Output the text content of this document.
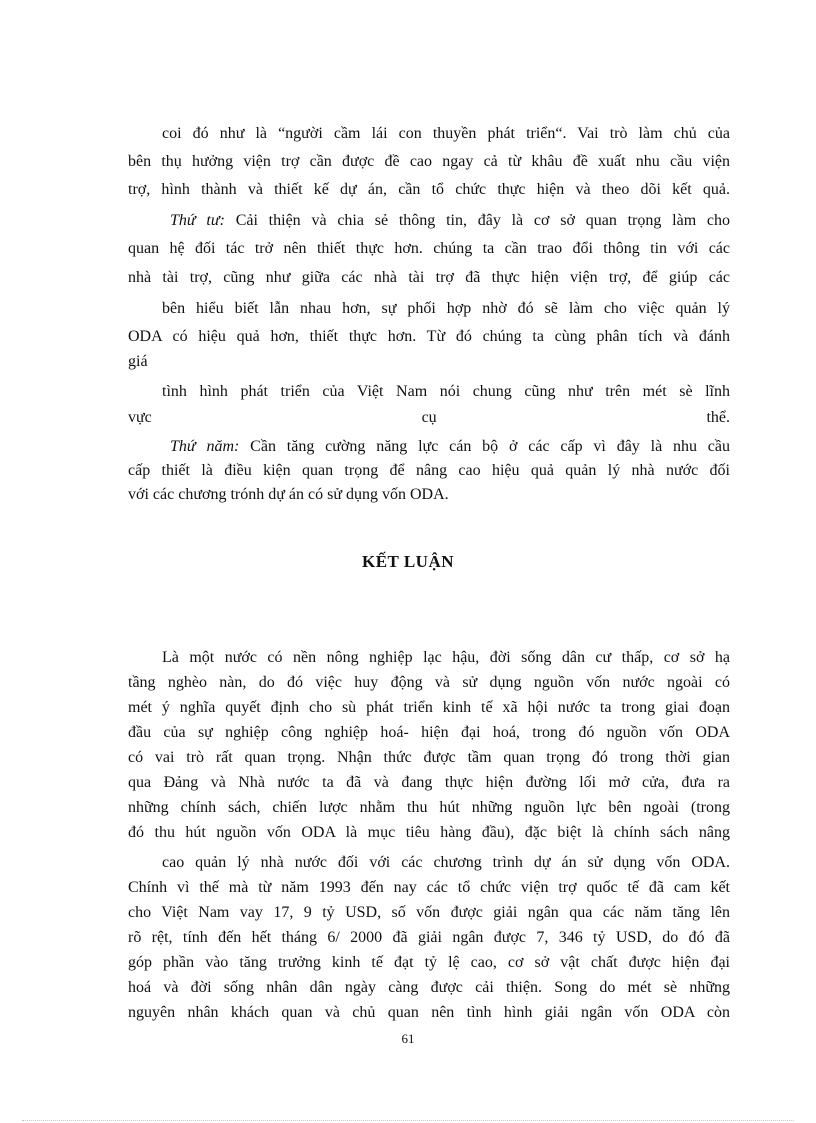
coi đó như là “người cầm lái con thuyền phát triển“. Vai trò làm chủ của
bên thụ hưởng viện trợ cần được đề cao ngay cả từ khâu đề xuất nhu cầu viện
trợ, hình thành và thiết kế dự án, cần tổ chức thực hiện và theo dõi kết quả.
Thứ tư: Cải thiện và chia sẻ thông tin, đây là cơ sở quan trọng làm cho
quan hệ đối tác trở nên thiết thực hơn. chúng ta cần trao đổi thông tin với các
nhà tài trợ, cũng như giữa các nhà tài trợ đã thực hiện viện trợ, để giúp các
bên hiểu biết lẫn nhau hơn, sự phối hợp nhờ đó sẽ làm cho việc quản lý
ODA có hiệu quả hơn, thiết thực hơn. Từ đó chúng ta cùng phân tích và đánh
giá
tình hình phát triển của Việt Nam nói chung cũng như trên mét sè lĩnh
vực cụ thể.
Thứ năm: Cần tăng cường năng lực cán bộ ở các cấp vì đây là nhu cầu
cấp thiết là điều kiện quan trọng để nâng cao hiệu quả quản lý nhà nước đối
với các chương trónh dự án có sử dụng vốn ODA.
KẾT LUẬN
Là một nước có nền nông nghiệp lạc hậu, đời sống dân cư thấp, cơ sở hạ
tầng nghèo nàn, do đó việc huy động và sử dụng nguồn vốn nước ngoài có
mét ý nghĩa quyết định cho sù phát triển kinh tế xã hội nước ta trong giai đoạn
đầu của sự nghiệp công nghiệp hoá- hiện đại hoá, trong đó nguồn vốn ODA
có vai trò rất quan trọng. Nhận thức được tầm quan trọng đó trong thời gian
qua Đảng và Nhà nước ta đã và đang thực hiện đường lối mở cửa, đưa ra
những chính sách, chiến lược nhằm thu hút những nguồn lực bên ngoài (trong
đó thu hút nguồn vốn ODA là mục tiêu hàng đầu), đặc biệt là chính sách nâng
cao quản lý nhà nước đối với các chương trình dự án sử dụng vốn ODA.
Chính vì thế mà từ năm 1993 đến nay các tổ chức viện trợ quốc tế đã cam kết
cho Việt Nam vay 17, 9 tỷ USD, số vốn được giải ngân qua các năm tăng lên
rõ rệt, tính đến hết tháng 6/ 2000 đã giải ngân được 7, 346 tỷ USD, do đó đã
góp phần vào tăng trưởng kinh tế đạt tỷ lệ cao, cơ sở vật chất được hiện đại
hoá và đời sống nhân dân ngày càng được cải thiện. Song do mét sè những
nguyên nhân khách quan và chủ quan nên tình hình giải ngân vốn ODA còn
61
